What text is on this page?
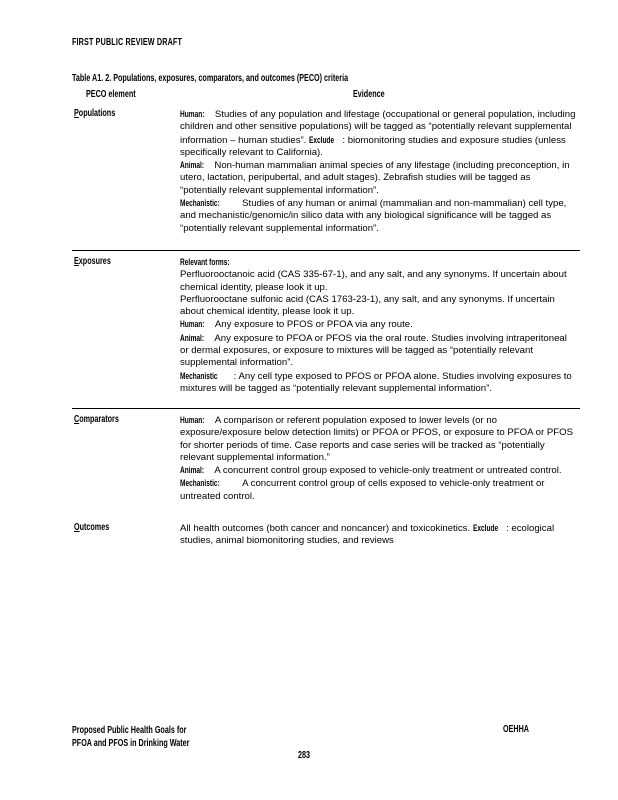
FIRST PUBLIC REVIEW DRAFT
Table A1. 2. Populations, exposures, comparators, and outcomes (PECO) criteria
PECO element	Evidence
Populations	Human: Studies of any population and lifestage (occupational or general population, including children and other sensitive populations) will be tagged as “potentially relevant supplemental information – human studies”. Exclude : biomonitoring studies and exposure studies (unless specifically relevant to California).

Animal: Non-human mammalian animal species of any lifestage (including preconception, in utero, lactation, peripubertal, and adult stages). Zebrafish studies will be tagged as “potentially relevant supplemental information”.

Mechanistic: Studies of any human or animal (mammalian and non-mammalian) cell type, and mechanistic/genomic/in silico data with any biological significance will be tagged as “potentially relevant supplemental information”.

Exposures	Relevant forms:

Perfluorooctanoic acid (CAS 335-67-1), and any salt, and any synonyms. If uncertain about chemical identity, please look it up.

Perfluorooctane sulfonic acid (CAS 1763-23-1), any salt, and any synonyms. If uncertain about chemical identity, please look it up.

Human: Any exposure to PFOS or PFOA via any route.

Animal: Any exposure to PFOA or PFOS via the oral route. Studies involving intraperitoneal or dermal exposures, or exposure to mixtures will be tagged as “potentially relevant supplemental information”.

Mechanistic : Any cell type exposed to PFOS or PFOA alone. Studies involving exposures to mixtures will be tagged as “potentially relevant supplemental information”.

Comparators	Human: A comparison or referent population exposed to lower levels (or no exposure/exposure below detection limits) or PFOA or PFOS, or exposure to PFOA or PFOS for shorter periods of time. Case reports and case series will be tracked as “potentially relevant supplemental information.”

Animal: A concurrent control group exposed to vehicle-only treatment or untreated control.

Mechanistic: A concurrent control group of cells exposed to vehicle-only treatment or untreated control.

Outcomes	All health outcomes (both cancer and noncancer) and toxicokinetics. Exclude : ecological studies, animal biomonitoring studies, and reviews

Proposed Public Health Goals for
PFOA and PFOS in Drinking Water
OEHHA
283
